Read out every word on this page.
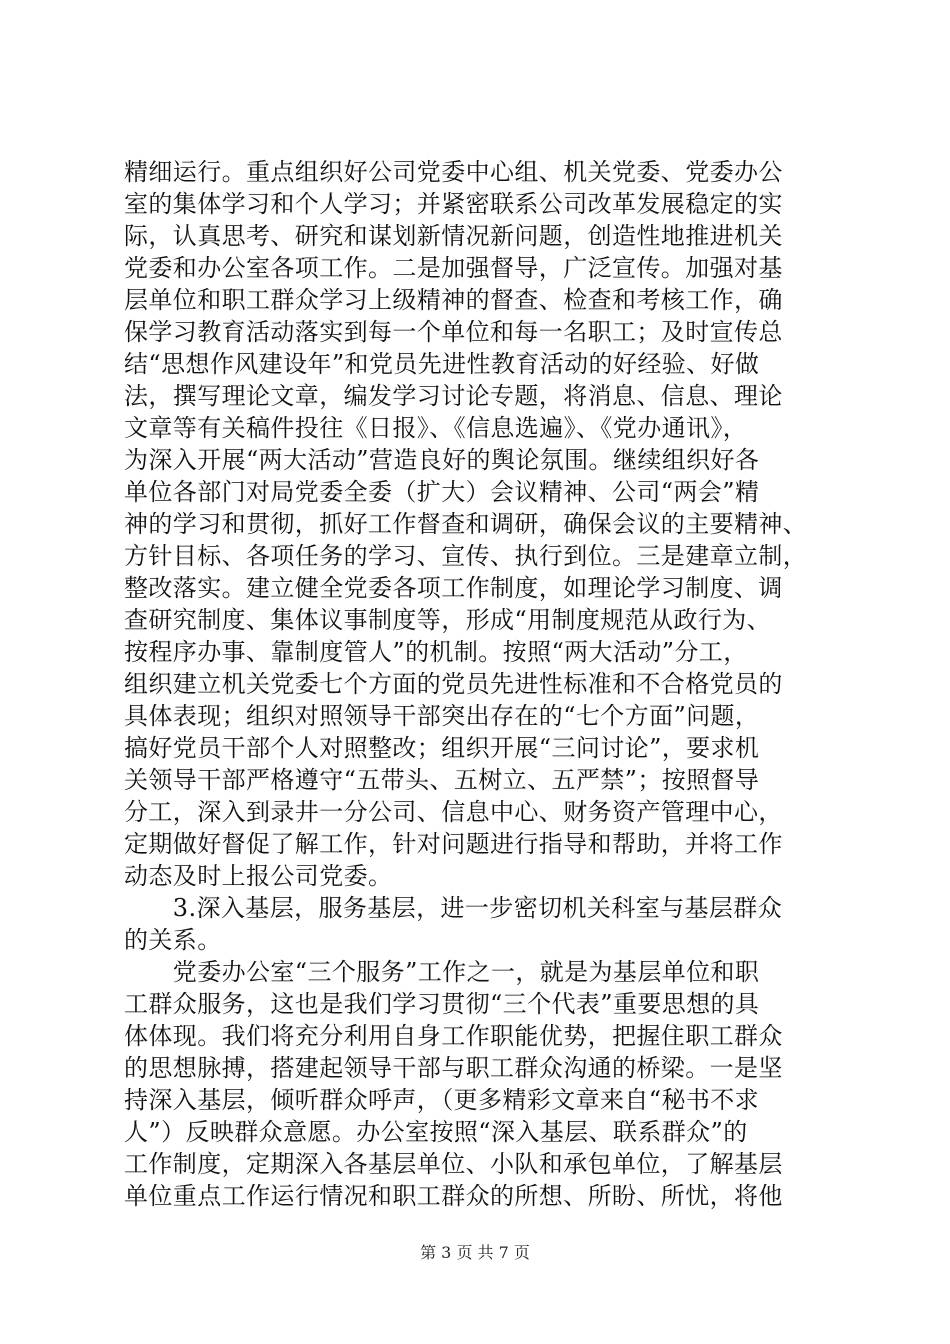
精细运行。重点组织好公司党委中心组、机关党委、党委办公
室的集体学习和个人学习；并紧密联系公司改革发展稳定的实
际，认真思考、研究和谋划新情况新问题，创造性地推进机关
党委和办公室各项工作。二是加强督导，广泛宣传。加强对基
层单位和职工群众学习上级精神的督查、检查和考核工作，确
保学习教育活动落实到每一个单位和每一名职工；及时宣传总
结“思想作风建设年”和党员先进性教育活动的好经验、好做
法，撰写理论文章，编发学习讨论专题，将消息、信息、理论
文章等有关稿件投往《日报》、《信息选遍》、《党办通讯》，
为深入开展“两大活动”营造良好的舆论氛围。继续组织好各
单位各部门对局党委全委（扩大）会议精神、公司“两会”精
神的学习和贯彻，抓好工作督查和调研，确保会议的主要精神、
方针目标、各项任务的学习、宣传、执行到位。三是建章立制，
整改落实。建立健全党委各项工作制度，如理论学习制度、调
查研究制度、集体议事制度等，形成“用制度规范从政行为、
按程序办事、靠制度管人”的机制。按照“两大活动”分工，
组织建立机关党委七个方面的党员先进性标准和不合格党员的
具体表现；组织对照领导干部突出存在的“七个方面”问题，
搞好党员干部个人对照整改；组织开展“三问讨论”，要求机
关领导干部严格遵守“五带头、五树立、五严禁”；按照督导
分工，深入到录井一分公司、信息中心、财务资产管理中心，
定期做好督促了解工作，针对问题进行指导和帮助，并将工作
动态及时上报公司党委。
　　3.深入基层，服务基层，进一步密切机关科室与基层群众
的关系。
　　党委办公室“三个服务”工作之一，就是为基层单位和职
工群众服务，这也是我们学习贯彻“三个代表”重要思想的具
体体现。我们将充分利用自身工作职能优势，把握住职工群众
的思想脉搏，搭建起领导干部与职工群众沟通的桥梁。一是坚
持深入基层，倾听群众呼声，（更多精彩文章来自“秘书不求
人”）反映群众意愿。办公室按照“深入基层、联系群众”的
工作制度，定期深入各基层单位、小队和承包单位，了解基层
单位重点工作运行情况和职工群众的所想、所盼、所忧，将他
第 3 页 共 7 页
